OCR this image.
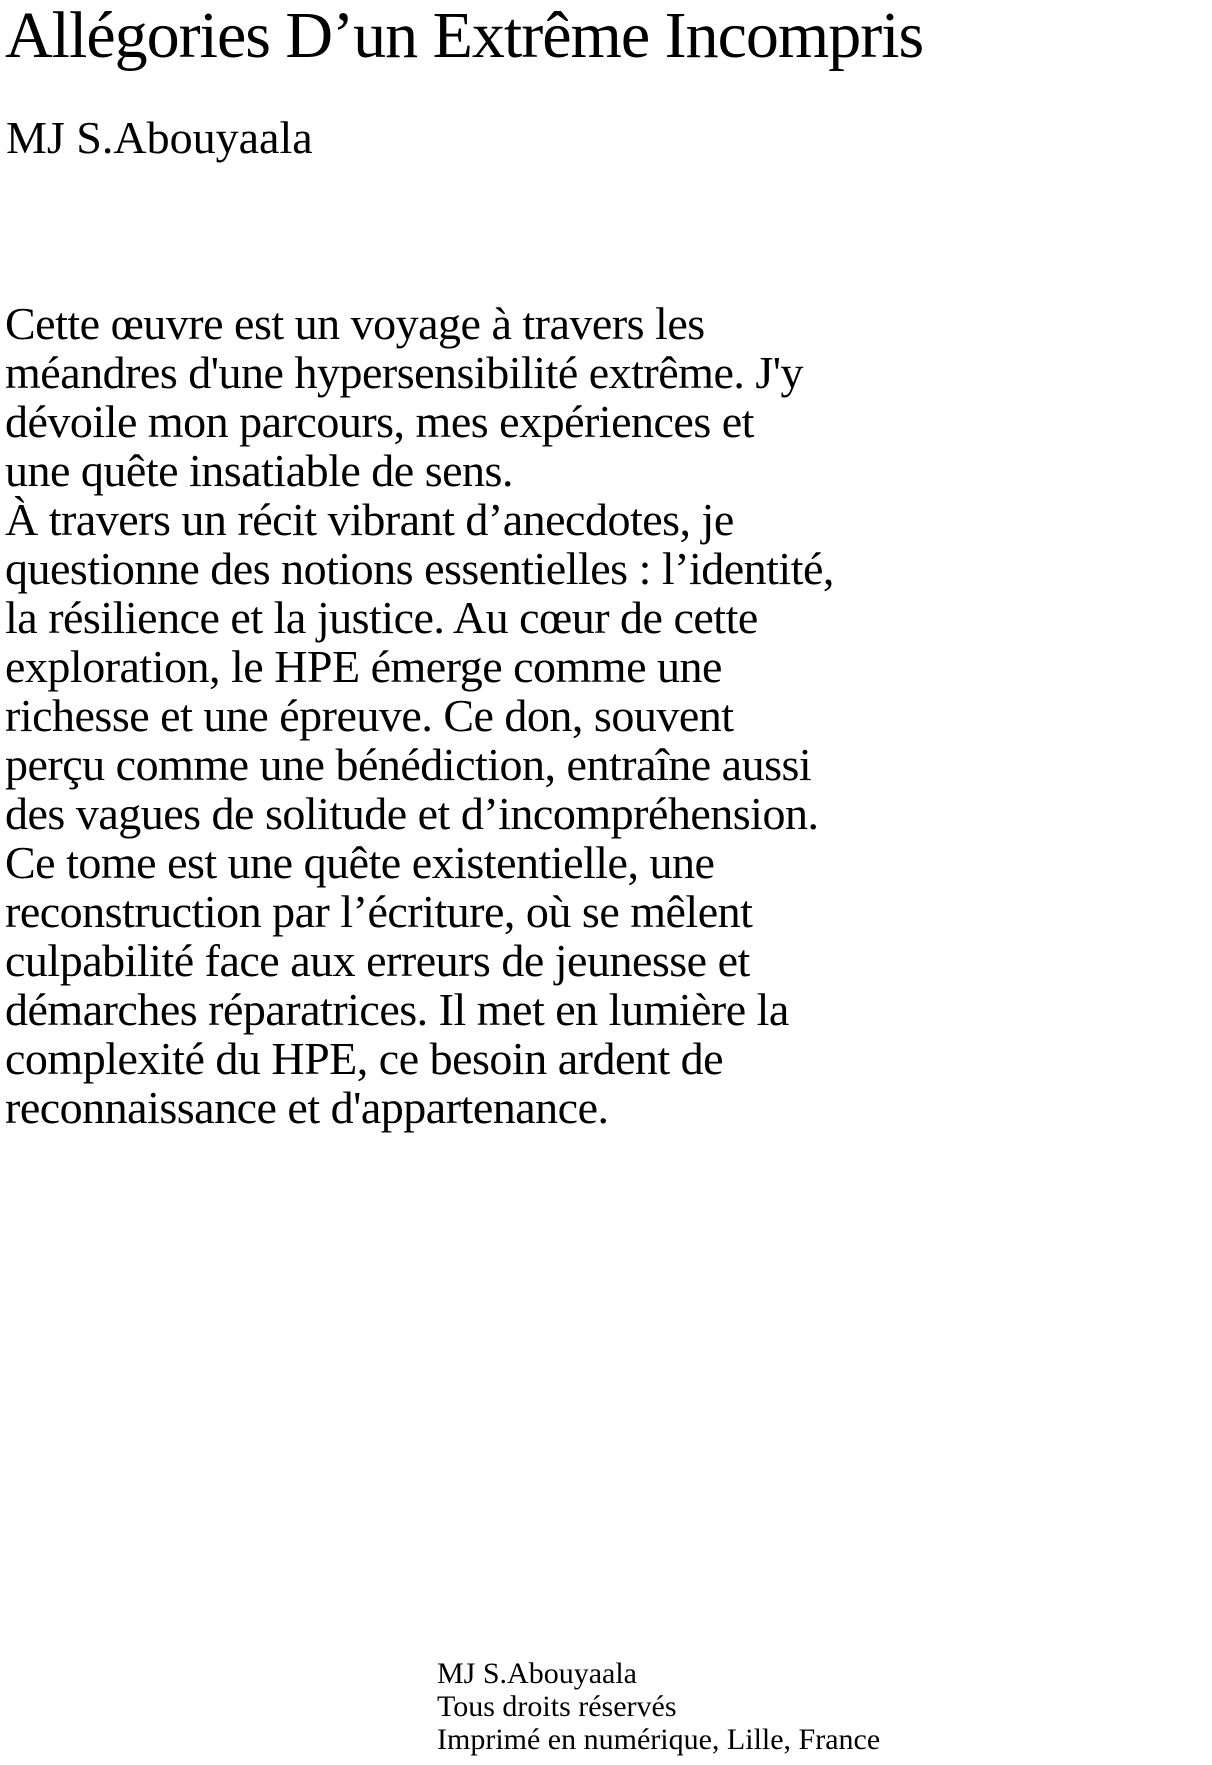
Allégories D’un Extrême Incompris
MJ S.Abouyaala
Cette œuvre est un voyage à travers les
méandres d'une hypersensibilité extrême. J'y
dévoile mon parcours, mes expériences et
une quête insatiable de sens.
À travers un récit vibrant d’anecdotes, je
questionne des notions essentielles : l’identité,
la résilience et la justice. Au cœur de cette
exploration, le HPE émerge comme une
richesse et une épreuve. Ce don, souvent
perçu comme une bénédiction, entraîne aussi
des vagues de solitude et d’incompréhension.
Ce tome est une quête existentielle, une
reconstruction par l’écriture, où se mêlent
culpabilité face aux erreurs de jeunesse et
démarches réparatrices. Il met en lumière la
complexité du HPE, ce besoin ardent de
reconnaissance et d'appartenance.
MJ S.Abouyaala
Tous droits réservés
Imprimé en numérique, Lille, France
